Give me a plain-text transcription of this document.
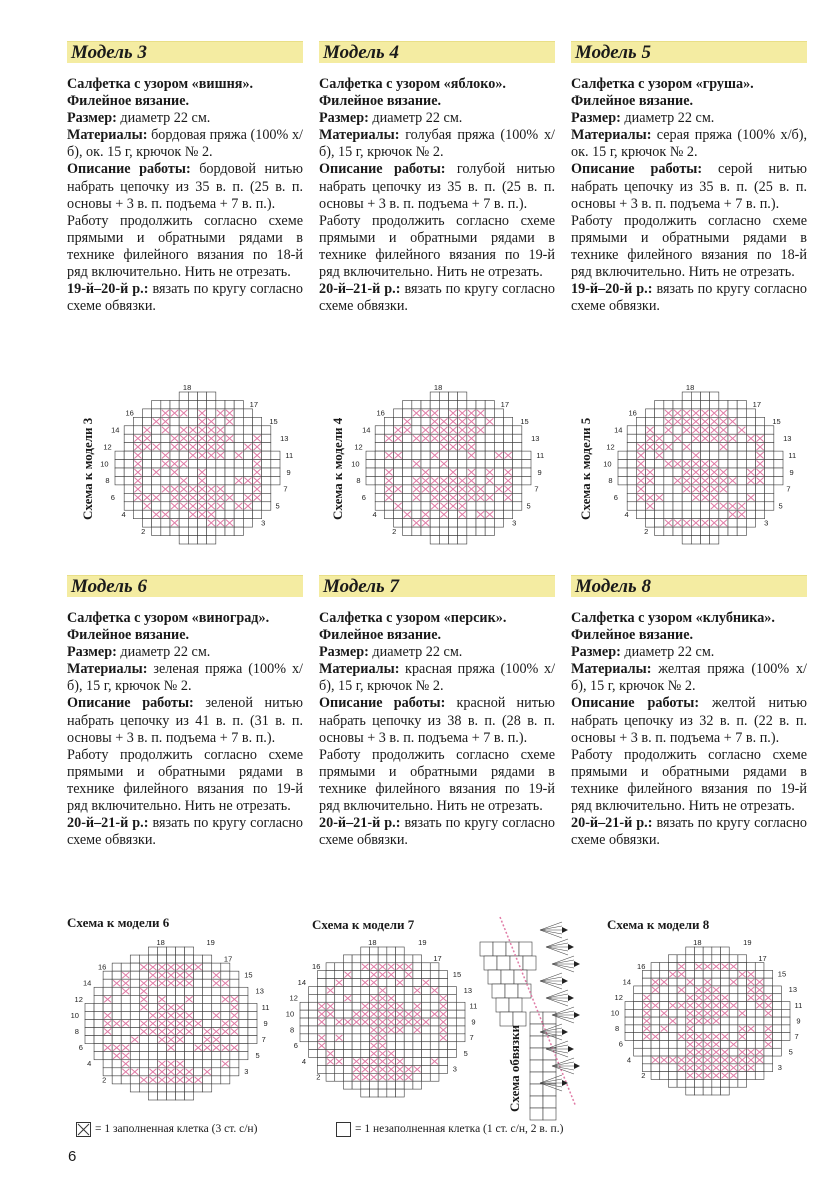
Модель 3

Салфетка с узором «вишня».

Филейное вязание.

Размер: диаметр 22 см.

Материалы: бордовая пряжа (100% х/б), ок. 15 г, крючок № 2.

Описание работы: бордовой нитью набрать цепочку из 35 в. п. (25 в. п. основы + 3 в. п. подъема + 7 в. п.).

Работу продолжить согласно схеме прямыми и обратными рядами в технике филейного вязания по 18-й ряд включительно. Нить не отрезать.

19-й–20-й р.: вязать по кругу согласно схеме обвязки.

Модель 4

Салфетка с узором «яблоко».

Филейное вязание.

Размер: диаметр 22 см.

Материалы: голубая пряжа (100% х/б), 15 г, крючок № 2.

Описание работы: голубой нитью набрать цепочку из 35 в. п. (25 в. п. основы + 3 в. п. подъема + 7 в. п.).

Работу продолжить согласно схеме прямыми и обратными рядами в технике филейного вязания по 19-й ряд включительно. Нить не отрезать.

20-й–21-й р.: вязать по кругу согласно схеме обвязки.

Модель 5

Салфетка с узором «груша».

Филейное вязание.

Размер: диаметр 22 см.

Материалы: серая пряжа (100% х/б), ок. 15 г, крючок № 2.

Описание работы: серой нитью набрать цепочку из 35 в. п. (25 в. п. основы + 3 в. п. подъема + 7 в. п.).

Работу продолжить согласно схеме прямыми и обратными рядами в технике филейного вязания по 18-й ряд включительно. Нить не отрезать.

19-й–20-й р.: вязать по кругу согласно схеме обвязки.

Схема к модели 3
16
14
12
10
8
6
4
2
17
15
13
11
9
7
5
3
18
Схема к модели 4
16
14
12
10
8
6
4
2
17
15
13
11
9
7
5
3
18
Схема к модели 5
16
14
12
10
8
6
4
2
17
15
13
11
9
7
5
3
18
Модель 6

Салфетка с узором «виноград».

Филейное вязание.

Размер: диаметр 22 см.

Материалы: зеленая пряжа (100% х/б), 15 г, крючок № 2.

Описание работы: зеленой нитью набрать цепочку из 41 в. п. (31 в. п. основы + 3 в. п. подъема + 7 в. п.).

Работу продолжить согласно схеме прямыми и обратными рядами в технике филейного вязания по 19-й ряд включительно. Нить не отрезать.

20-й–21-й р.: вязать по кругу согласно схеме обвязки.

Модель 7

Салфетка с узором «персик».

Филейное вязание.

Размер: диаметр 22 см.

Материалы: красная пряжа (100% х/б), 15 г, крючок № 2.

Описание работы: красной нитью набрать цепочку из 38 в. п. (28 в. п. основы + 3 в. п. подъема + 7 в. п.).

Работу продолжить согласно схеме прямыми и обратными рядами в технике филейного вязания по 19-й ряд включительно. Нить не отрезать.

20-й–21-й р.: вязать по кругу согласно схеме обвязки.

Модель 8

Салфетка с узором «клубника».

Филейное вязание.

Размер: диаметр 22 см.

Материалы: желтая пряжа (100% х/б), 15 г, крючок № 2.

Описание работы: желтой нитью набрать цепочку из 32 в. п. (22 в. п. основы + 3 в. п. подъема + 7 в. п.).

Работу продолжить согласно схеме прямыми и обратными рядами в технике филейного вязания по 19-й ряд включительно. Нить не отрезать.

20-й–21-й р.: вязать по кругу согласно схеме обвязки.

Схема к модели 6
16
14
12
10
8
6
4
2
17
15
13
11
9
7
5
3
18	19
Схема к модели 7
16
14
12
10
8
6
4
2
17
15
13
11
9
7
5
3
18	19
Схема обвязки
Схема к модели 8
16
14
12
10
8
6
4
2
17
15
13
11
9
7
5
3
18	19
= 1 заполненная клетка (3 ст. с/н)	= 1 незаполненная клетка (1 ст. с/н, 2 в. п.)
6
